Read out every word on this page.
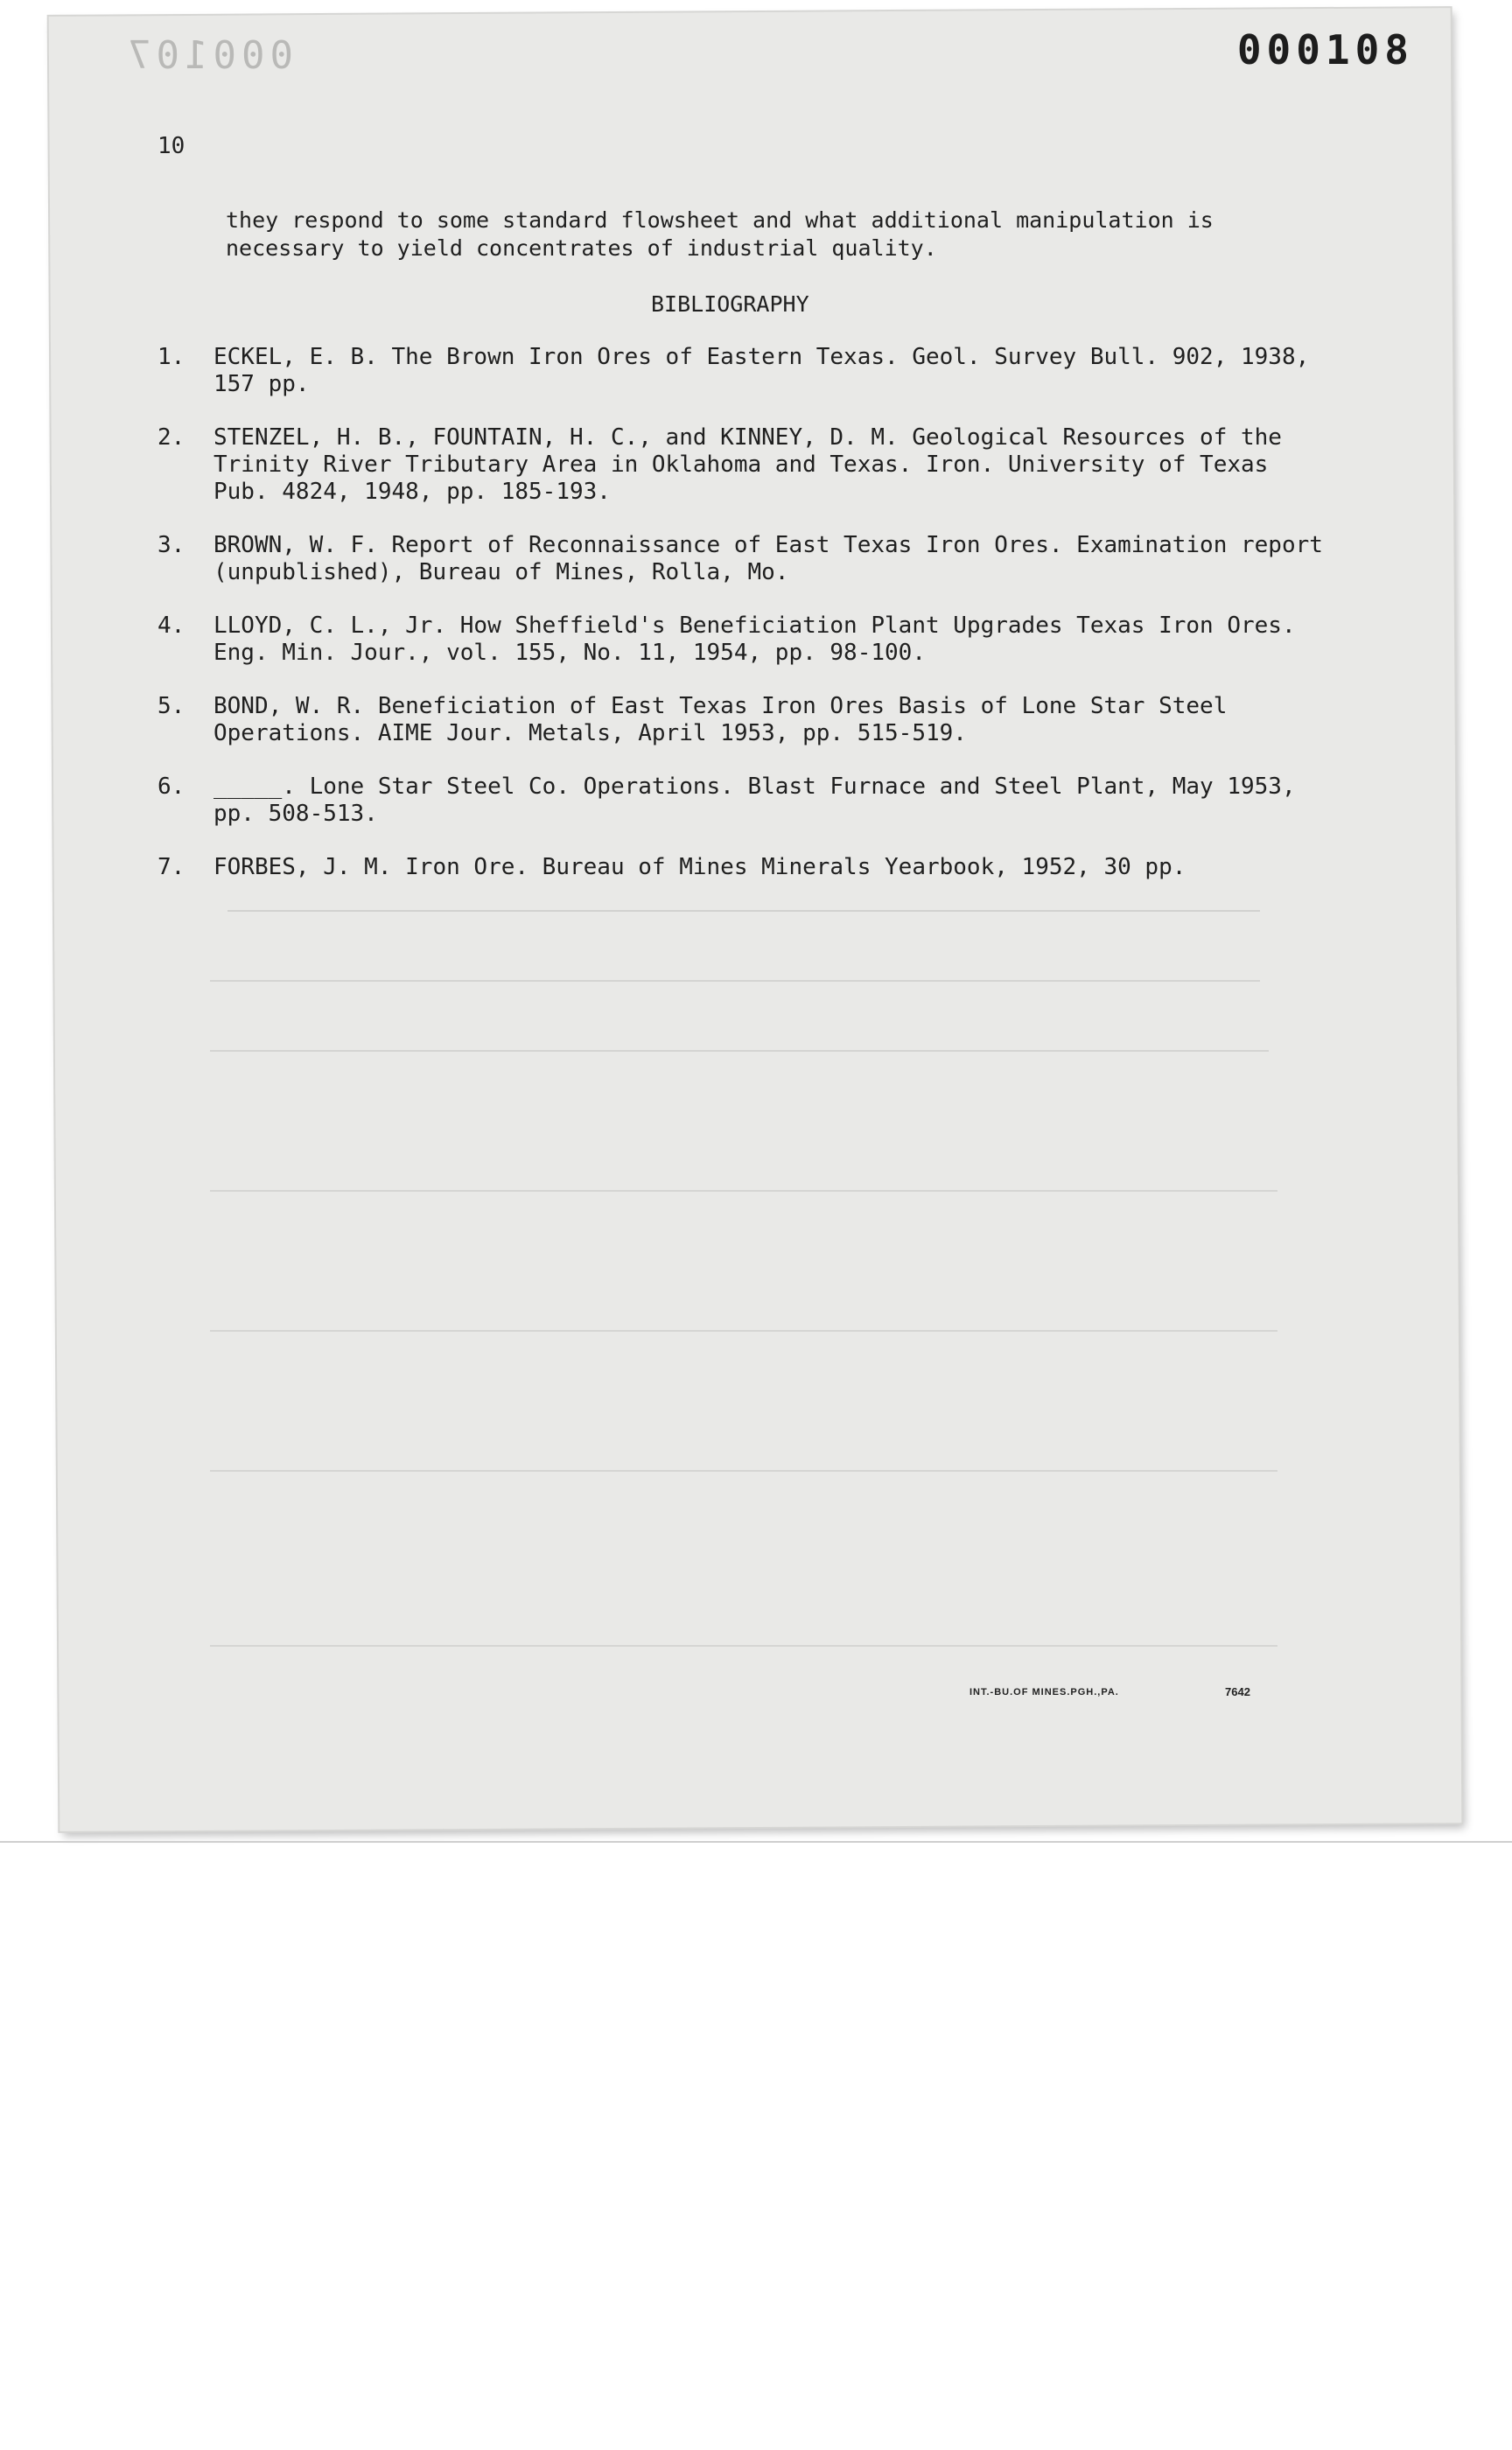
000107	000108
10
they respond to some standard flowsheet and what additional manipulation is necessary to yield concentrates of industrial quality.
BIBLIOGRAPHY
1. ECKEL, E. B. The Brown Iron Ores of Eastern Texas. Geol. Survey Bull. 902, 1938, 157 pp.
2. STENZEL, H. B., FOUNTAIN, H. C., and KINNEY, D. M. Geological Resources of the Trinity River Tributary Area in Oklahoma and Texas. Iron. University of Texas Pub. 4824, 1948, pp. 185-193.
3. BROWN, W. F. Report of Reconnaissance of East Texas Iron Ores. Examination report (unpublished), Bureau of Mines, Rolla, Mo.
4. LLOYD, C. L., Jr. How Sheffield's Beneficiation Plant Upgrades Texas Iron Ores. Eng. Min. Jour., vol. 155, No. 11, 1954, pp. 98-100.
5. BOND, W. R. Beneficiation of East Texas Iron Ores Basis of Lone Star Steel Operations. AIME Jour. Metals, April 1953, pp. 515-519.
6. _____. Lone Star Steel Co. Operations. Blast Furnace and Steel Plant, May 1953, pp. 508-513.
7. FORBES, J. M. Iron Ore. Bureau of Mines Minerals Yearbook, 1952, 30 pp.
INT.-BU.OF MINES.PGH.,PA.	7642
